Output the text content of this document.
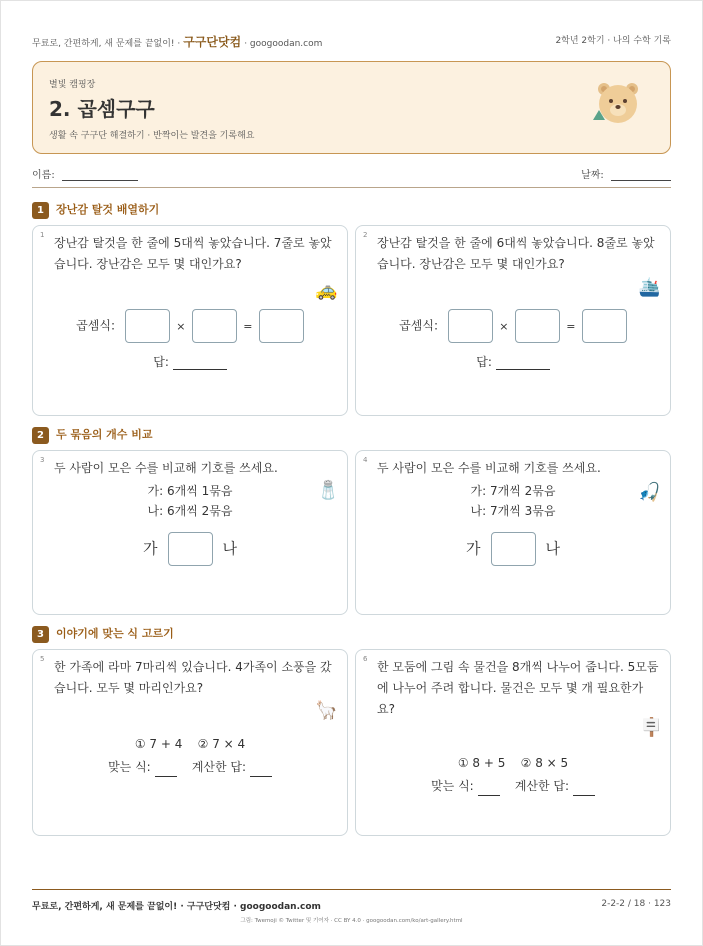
무료로, 간편하게, 새 문제를 끝없이! · 구구단닷컴 · googoodan.com	2학년 2학기 · 나의 수학 기록
별빛 캠핑장
2. 곱셈구구
생활 속 구구단 해결하기 · 반짝이는 발견을 기록해요
이름:	날짜:
1 장난감 탈것 배열하기
1
장난감 탈것을 한 줄에 5대씩 놓았습니다. 7줄로 놓았습니다. 장난감은 모두 몇 대인가요?
🚕
곱셈식:	×	=
답:
2
장난감 탈것을 한 줄에 6대씩 놓았습니다. 8줄로 놓았습니다. 장난감은 모두 몇 대인가요?
🛳️
곱셈식:	×	=
답:
2 두 묶음의 개수 비교
3
두 사람이 모은 수를 비교해 기호를 쓰세요.
가: 6개씩 1묶음
나: 6개씩 2묶음
🧂
가	나
4
두 사람이 모은 수를 비교해 기호를 쓰세요.
가: 7개씩 2묶음
나: 7개씩 3묶음
🎣
가	나
3 이야기에 맞는 식 고르기
5
한 가족에 라마 7마리씩 있습니다. 4가족이 소풍을 갔습니다. 모두 몇 마리인가요?
🦙
① 7 + 4 ② 7 × 4
맞는 식:	계산한 답:
6
한 모둠에 그림 속 물건을 8개씩 나누어 줍니다. 5모둠에 나누어 주려 합니다. 물건은 모두 몇 개 필요한가요?
🪧
① 8 + 5 ② 8 × 5
맞는 식:	계산한 답:
무료로, 간편하게, 새 문제를 끝없이! · 구구단닷컴 · googoodan.com	2-2-2 / 18 · 123
그림: Twemoji © Twitter 및 기여자 · CC BY 4.0 · googoodan.com/ko/art-gallery.html
